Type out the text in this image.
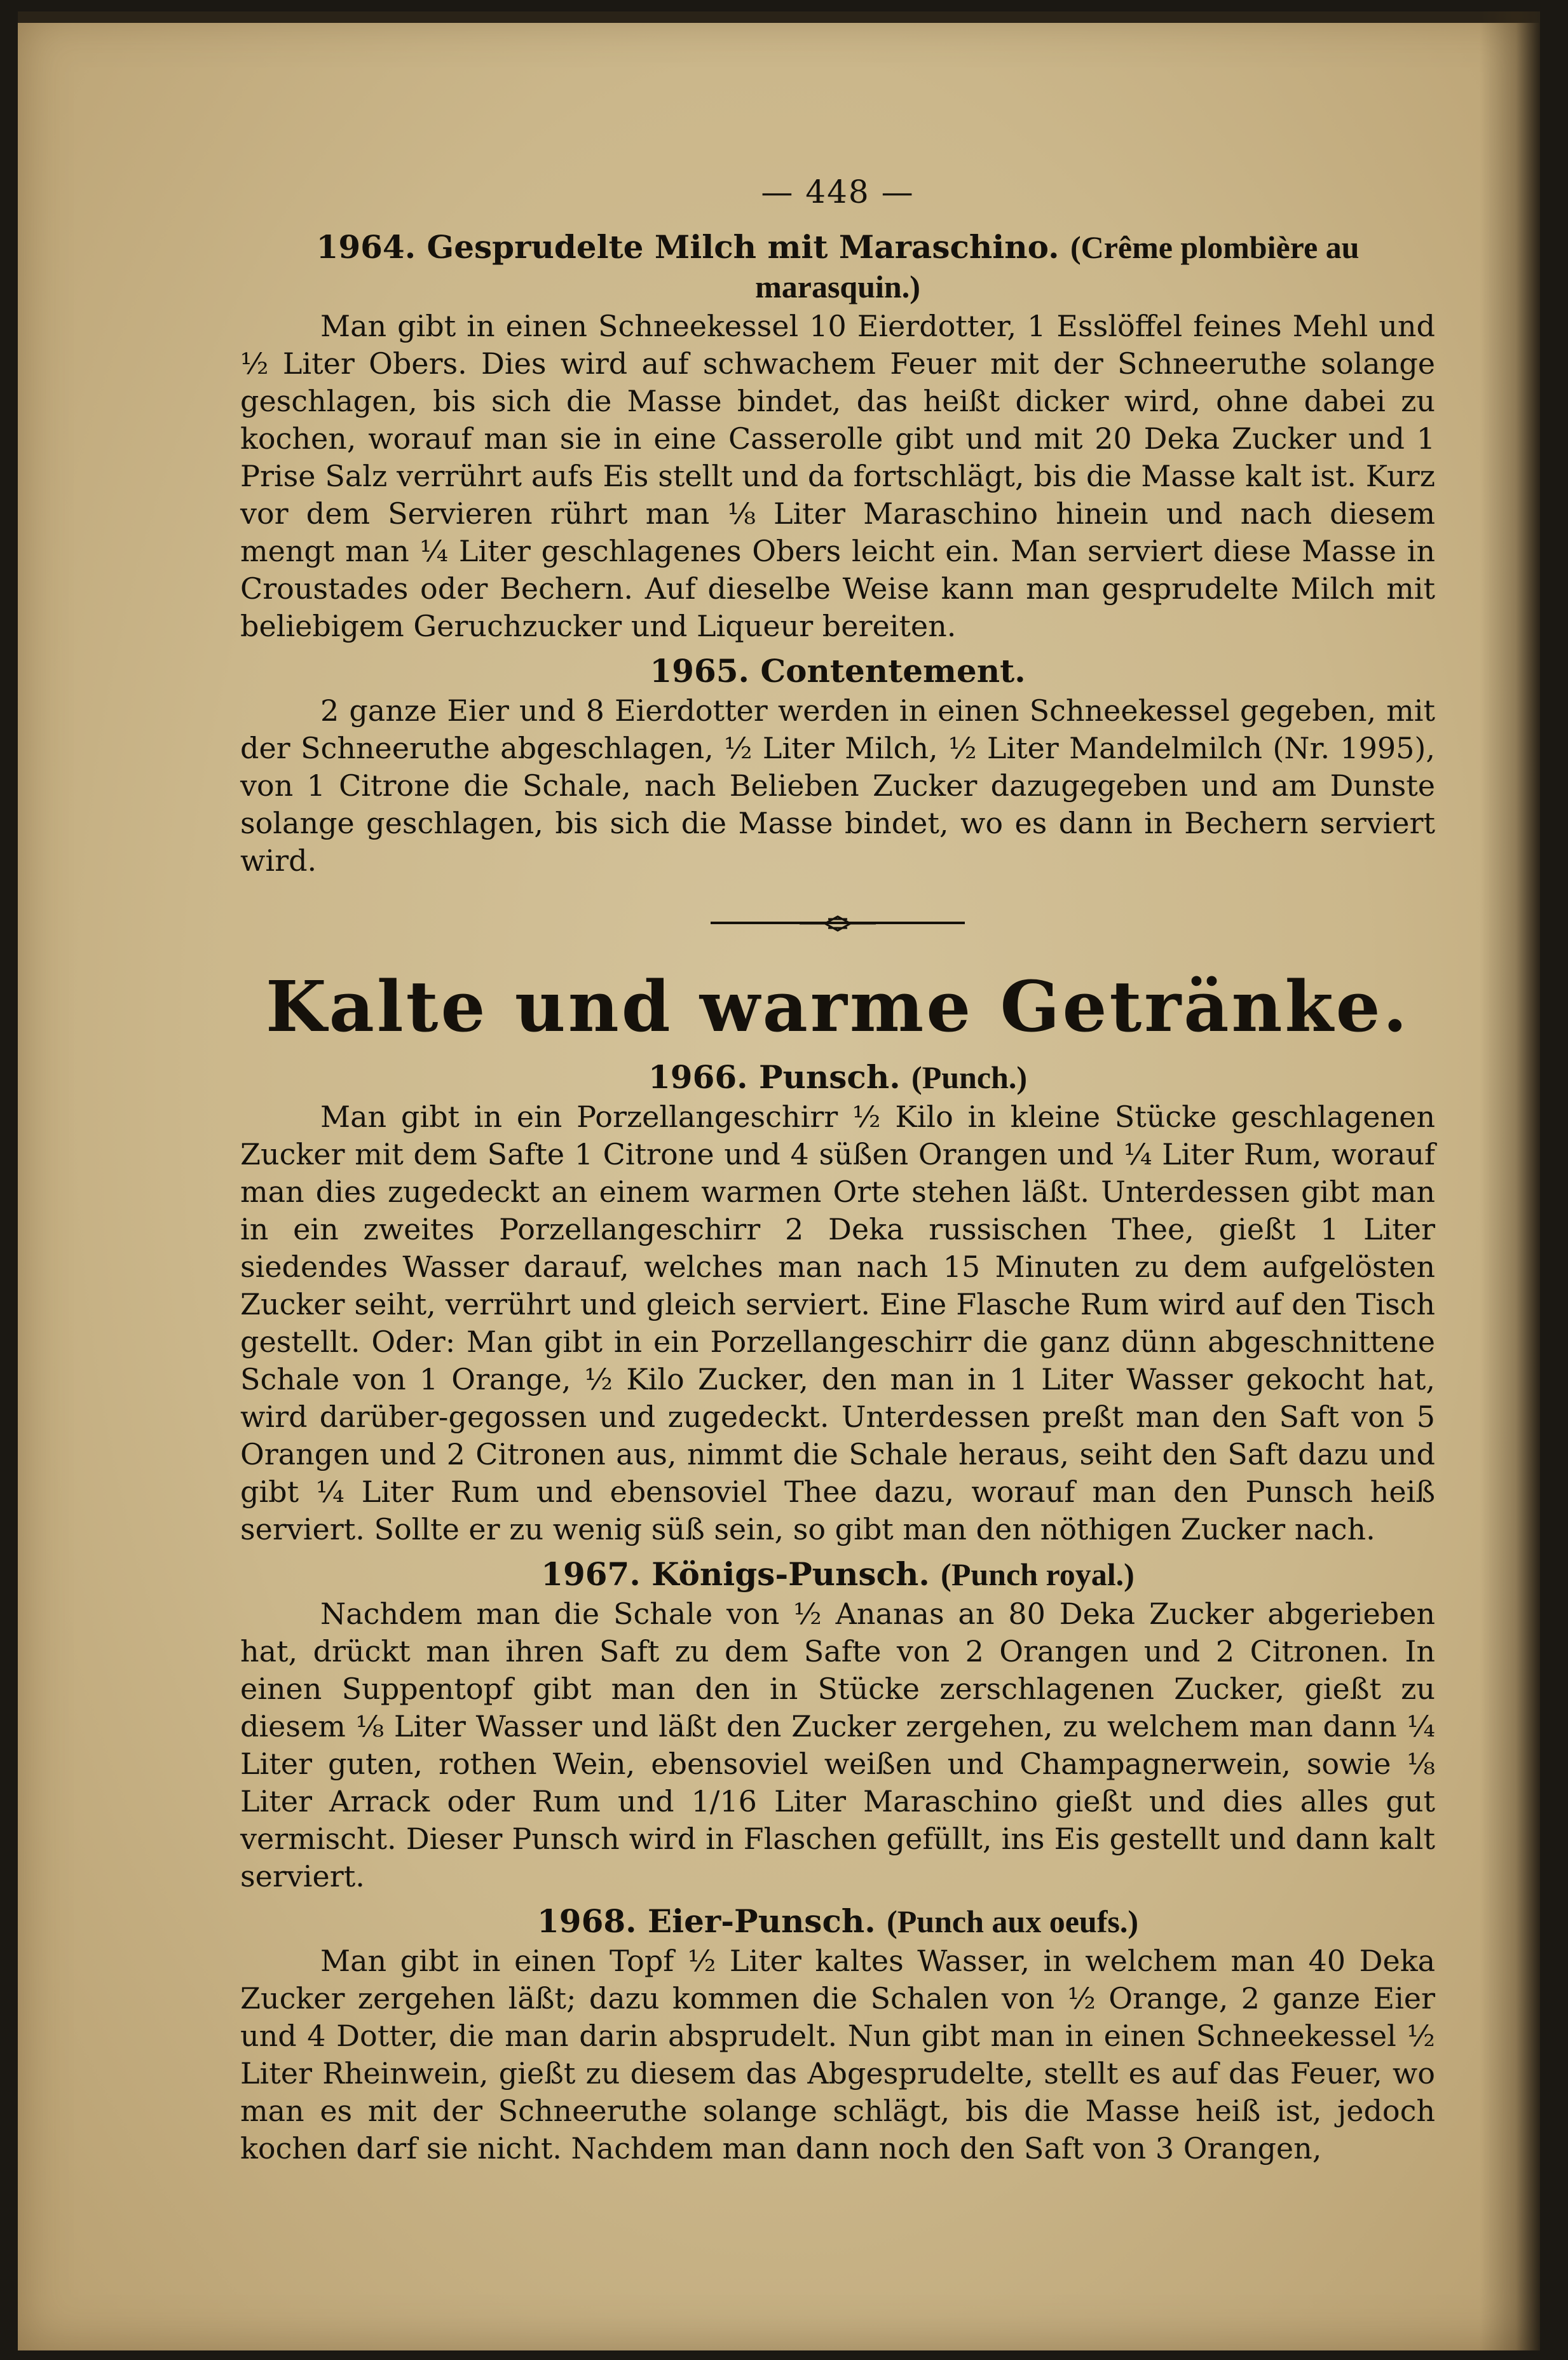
— 448 —
1964. Gesprudelte Milch mit Maraschino. (Crême plombière au marasquin.)

Man gibt in einen Schneekessel 10 Eierdotter, 1 Esslöffel feines Mehl und ½ Liter Obers. Dies wird auf schwachem Feuer mit der Schneeruthe solange geschlagen, bis sich die Masse bindet, das heißt dicker wird, ohne dabei zu kochen, worauf man sie in eine Casserolle gibt und mit 20 Deka Zucker und 1 Prise Salz verrührt aufs Eis stellt und da fortschlägt, bis die Masse kalt ist. Kurz vor dem Servieren rührt man ⅛ Liter Maraschino hinein und nach diesem mengt man ¼ Liter geschlagenes Obers leicht ein. Man serviert diese Masse in Croustades oder Bechern. Auf dieselbe Weise kann man gesprudelte Milch mit beliebigem Geruchzucker und Liqueur bereiten.

1965. Contentement.

2 ganze Eier und 8 Eierdotter werden in einen Schneekessel gegeben, mit der Schneeruthe abgeschlagen, ½ Liter Milch, ½ Liter Mandelmilch (Nr. 1995), von 1 Citrone die Schale, nach Belieben Zucker dazugegeben und am Dunste solange geschlagen, bis sich die Masse bindet, wo es dann in Bechern serviert wird.

Kalte und warme Getränke.
1966. Punsch. (Punch.)

Man gibt in ein Porzellangeschirr ½ Kilo in kleine Stücke geschlagenen Zucker mit dem Safte 1 Citrone und 4 süßen Orangen und ¼ Liter Rum, worauf man dies zugedeckt an einem warmen Orte stehen läßt. Unterdessen gibt man in ein zweites Porzellangeschirr 2 Deka russischen Thee, gießt 1 Liter siedendes Wasser darauf, welches man nach 15 Minuten zu dem aufgelösten Zucker seiht, verrührt und gleich serviert. Eine Flasche Rum wird auf den Tisch gestellt. Oder: Man gibt in ein Porzellangeschirr die ganz dünn abgeschnittene Schale von 1 Orange, ½ Kilo Zucker, den man in 1 Liter Wasser gekocht hat, wird darüber-gegossen und zugedeckt. Unterdessen preßt man den Saft von 5 Orangen und 2 Citronen aus, nimmt die Schale heraus, seiht den Saft dazu und gibt ¼ Liter Rum und ebensoviel Thee dazu, worauf man den Punsch heiß serviert. Sollte er zu wenig süß sein, so gibt man den nöthigen Zucker nach.

1967. Königs-Punsch. (Punch royal.)

Nachdem man die Schale von ½ Ananas an 80 Deka Zucker abgerieben hat, drückt man ihren Saft zu dem Safte von 2 Orangen und 2 Citronen. In einen Suppentopf gibt man den in Stücke zerschlagenen Zucker, gießt zu diesem ⅛ Liter Wasser und läßt den Zucker zergehen, zu welchem man dann ¼ Liter guten, rothen Wein, ebensoviel weißen und Champagnerwein, sowie ⅛ Liter Arrack oder Rum und 1/16 Liter Maraschino gießt und dies alles gut vermischt. Dieser Punsch wird in Flaschen gefüllt, ins Eis gestellt und dann kalt serviert.

1968. Eier-Punsch. (Punch aux oeufs.)

Man gibt in einen Topf ½ Liter kaltes Wasser, in welchem man 40 Deka Zucker zergehen läßt; dazu kommen die Schalen von ½ Orange, 2 ganze Eier und 4 Dotter, die man darin absprudelt. Nun gibt man in einen Schneekessel ½ Liter Rheinwein, gießt zu diesem das Abgesprudelte, stellt es auf das Feuer, wo man es mit der Schneeruthe solange schlägt, bis die Masse heiß ist, jedoch kochen darf sie nicht. Nachdem man dann noch den Saft von 3 Orangen,
